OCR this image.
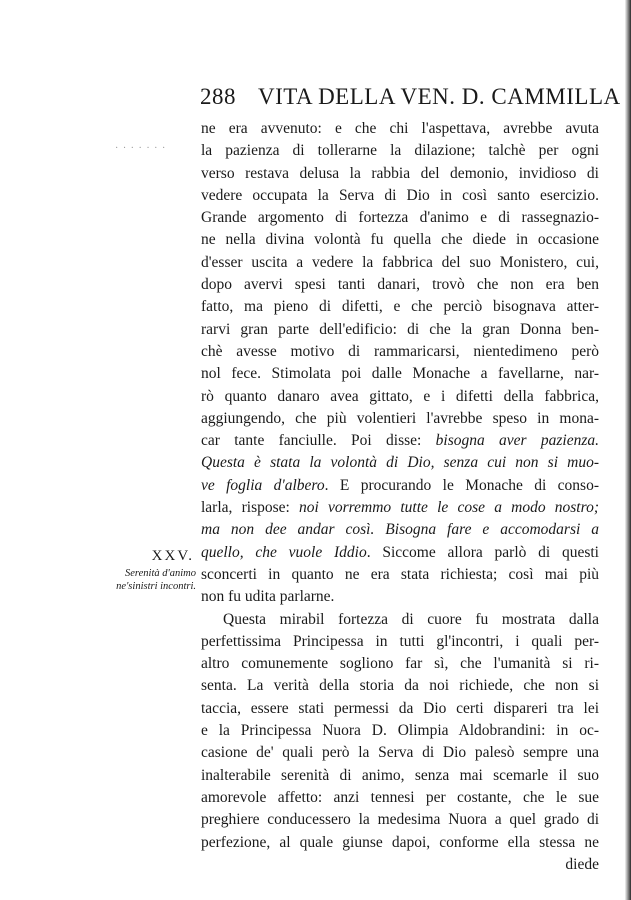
288 VITA DELLA VEN. D. CAMMILLA
· · · · · · ·
XXV.
Serenità d'animo
ne'sinistri incontri.
ne era avvenuto: e che chi l'aspettava, avrebbe avuta
la pazienza di tollerarne la dilazione; talchè per ogni
verso restava delusa la rabbia del demonio, invidioso di
vedere occupata la Serva di Dio in così santo esercizio.
Grande argomento di fortezza d'animo e di rassegnazio-
ne nella divina volontà fu quella che diede in occasione
d'esser uscita a vedere la fabbrica del suo Monistero, cui,
dopo avervi spesi tanti danari, trovò che non era ben
fatto, ma pieno di difetti, e che perciò bisognava atter-
rarvi gran parte dell'edificio: di che la gran Donna ben-
chè avesse motivo di rammaricarsi, nientedimeno però
nol fece. Stimolata poi dalle Monache a favellarne, nar-
rò quanto danaro avea gittato, e i difetti della fabbrica,
aggiungendo, che più volentieri l'avrebbe speso in mona-
car tante fanciulle. Poi disse: bisogna aver pazienza.
Questa è stata la volontà di Dio, senza cui non si muo-
ve foglia d'albero. E procurando le Monache di conso-
larla, rispose: noi vorremmo tutte le cose a modo nostro;
ma non dee andar così. Bisogna fare e accomodarsi a
quello, che vuole Iddio. Siccome allora parlò di questi
sconcerti in quanto ne era stata richiesta; così mai più
non fu udita parlarne.
Questa mirabil fortezza di cuore fu mostrata dalla
perfettissima Principessa in tutti gl'incontri, i quali per-
altro comunemente sogliono far sì, che l'umanità si ri-
senta. La verità della storia da noi richiede, che non si
taccia, essere stati permessi da Dio certi dispareri tra lei
e la Principessa Nuora D. Olimpia Aldobrandini: in oc-
casione de' quali però la Serva di Dio palesò sempre una
inalterabile serenità di animo, senza mai scemarle il suo
amorevole affetto: anzi tennesi per costante, che le sue
preghiere conducessero la medesima Nuora a quel grado di
perfezione, al quale giunse dapoi, conforme ella stessa ne
diede
